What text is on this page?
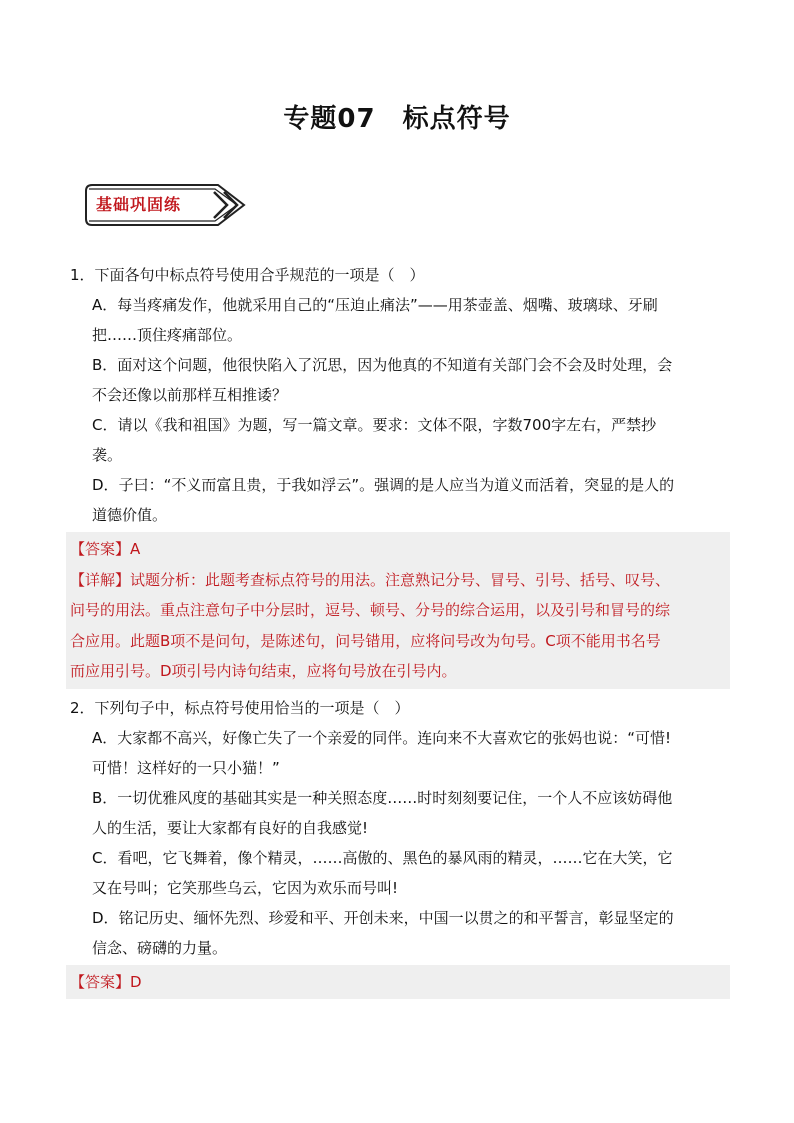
专题07　标点符号
基础巩固练
1．下面各句中标点符号使用合乎规范的一项是（　）
A．每当疼痛发作，他就采用自己的“压迫止痛法”——用茶壶盖、烟嘴、玻璃球、牙刷
把……顶住疼痛部位。
B．面对这个问题，他很快陷入了沉思，因为他真的不知道有关部门会不会及时处理，会
不会还像以前那样互相推诿？
C．请以《我和祖国》为题，写一篇文章。要求：文体不限，字数700字左右，严禁抄
袭。
D．子曰：“不义而富且贵，于我如浮云”。强调的是人应当为道义而活着，突显的是人的
道德价值。
【答案】A
【详解】试题分析：此题考查标点符号的用法。注意熟记分号、冒号、引号、括号、叹号、
问号的用法。重点注意句子中分层时，逗号、顿号、分号的综合运用，以及引号和冒号的综
合应用。此题B项不是问句，是陈述句，问号错用，应将问号改为句号。C项不能用书名号
而应用引号。D项引号内诗句结束，应将句号放在引号内。
2．下列句子中，标点符号使用恰当的一项是（　）
A．大家都不高兴，好像亡失了一个亲爱的同伴。连向来不大喜欢它的张妈也说：“可惜!
可惜！这样好的一只小猫！”
B．一切优雅风度的基础其实是一种关照态度……时时刻刻要记住，一个人不应该妨碍他
人的生活，要让大家都有良好的自我感觉!
C．看吧，它飞舞着，像个精灵，……高傲的、黑色的暴风雨的精灵，……它在大笑，它
又在号叫；它笑那些乌云，它因为欢乐而号叫!
D．铭记历史、缅怀先烈、珍爱和平、开创未来，中国一以贯之的和平誓言，彰显坚定的
信念、磅礴的力量。
【答案】D
